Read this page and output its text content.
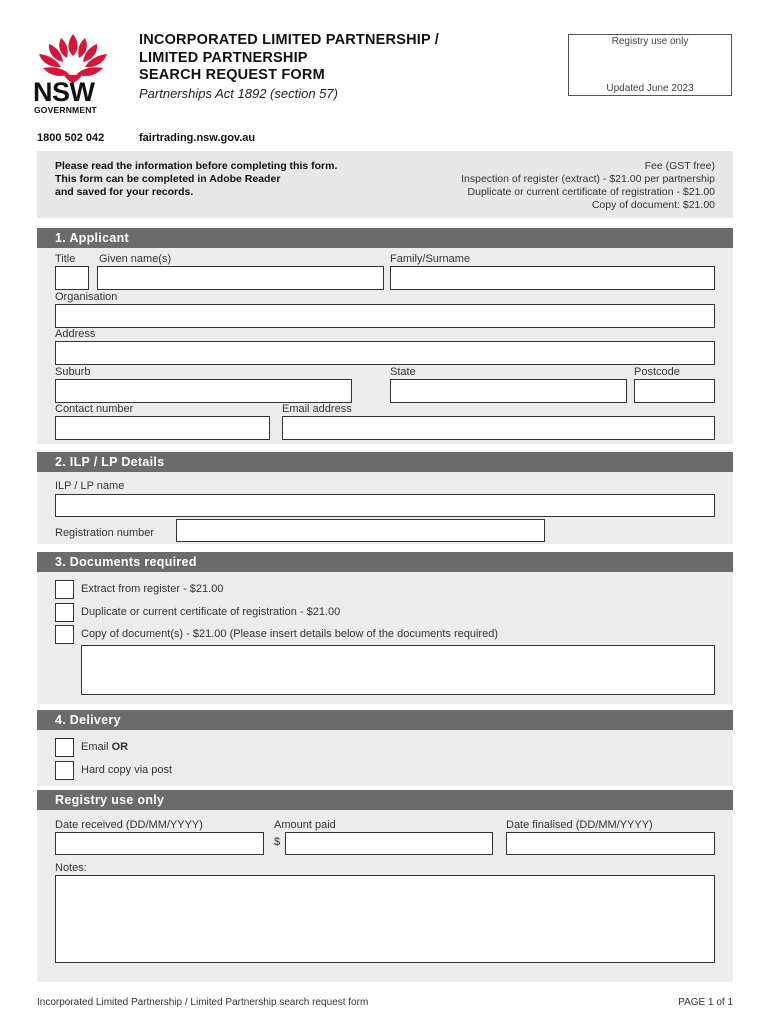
NSW
GOVERNMENT
INCORPORATED LIMITED PARTNERSHIP /
LIMITED PARTNERSHIP
SEARCH REQUEST FORM
Partnerships Act 1892 (section 57)
Registry use only
Updated June 2023
1800 502 042	fairtrading.nsw.gov.au
Please read the information before completing this form.
This form can be completed in Adobe Reader
and saved for your records.
Fee (GST free)
Inspection of register (extract) - $21.00 per partnership
Duplicate or current certificate of registration - $21.00
Copy of document: $21.00
1. Applicant
Title Given name(s)	Family/Surname
Organisation
Address
Suburb	State	Postcode
Contact number	Email address
2. ILP / LP Details
ILP / LP name
Registration number
3. Documents required
Extract from register - $21.00
Duplicate or current certificate of registration - $21.00
Copy of document(s) - $21.00 (Please insert details below of the documents required)
4. Delivery
Email OR
Hard copy via post
Registry use only
Date received (DD/MM/YYYY)	Amount paid	Date finalised (DD/MM/YYYY)
$
Notes:
Incorporated Limited Partnership / Limited Partnership search request form	PAGE 1 of 1
